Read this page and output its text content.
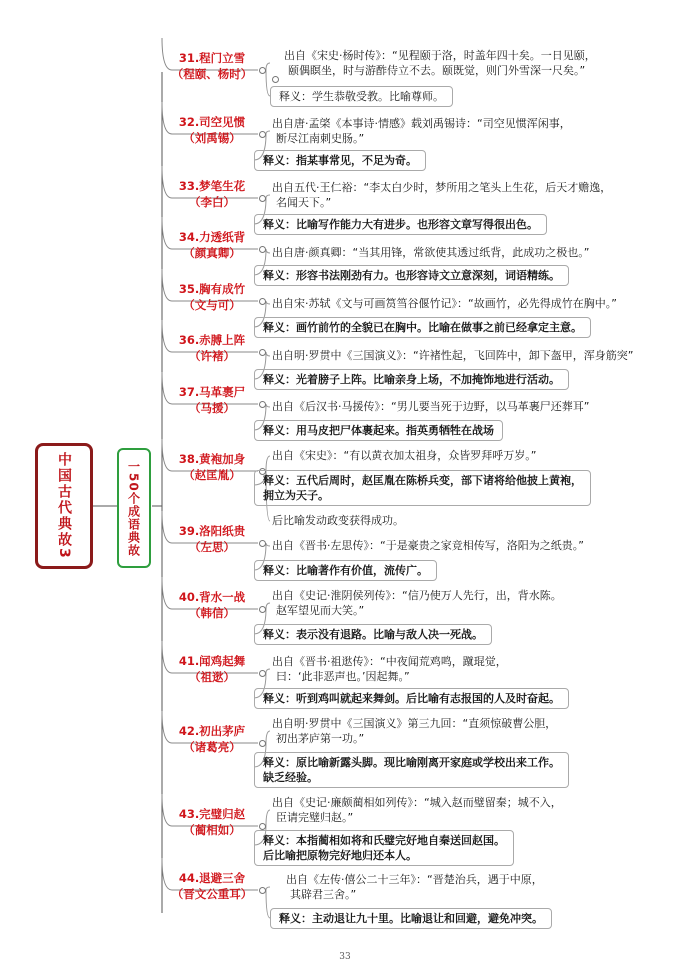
中国古代典故3	一50个成语典故
31.程门立雪
（程颐、杨时）
出自《宋史·杨时传》：“见程颐于洛，时盖年四十矣。一日见颐，
颐偶瞑坐，时与游酢侍立不去。颐既觉，则门外雪深一尺矣。”
释义：学生恭敬受教。比喻尊师。
32.司空见惯
（刘禹锡）
出自唐·孟棨《本事诗·情感》载刘禹锡诗：“司空见惯浑闲事，
断尽江南刺史肠。”
释义：指某事常见，不足为奇。
33.梦笔生花
（李白）
出自五代·王仁裕：“李太白少时，梦所用之笔头上生花，后天才赡逸，
名闻天下。”
释义：比喻写作能力大有进步。也形容文章写得很出色。
34.力透纸背
（颜真卿）	出自唐·颜真卿：“当其用锋，常欲使其透过纸背，此成功之极也。”
释义：形容书法刚劲有力。也形容诗文立意深刻，词语精练。
35.胸有成竹
（文与可）	出自宋·苏轼《文与可画筼筜谷偃竹记》：“故画竹，必先得成竹在胸中。”
释义：画竹前竹的全貌已在胸中。比喻在做事之前已经拿定主意。
36.赤膊上阵
（许褚）	出自明·罗贯中《三国演义》：“许褚性起，飞回阵中，卸下盔甲，浑身筋突”
释义：光着膀子上阵。比喻亲身上场，不加掩饰地进行活动。
37.马革裹尸
（马援）	出自《后汉书·马援传》：“男儿要当死于边野，以马革裹尸还葬耳”
释义：用马皮把尸体裹起来。指英勇牺牲在战场
38.黄袍加身
（赵匡胤）
出自《宋史》：“有以黄衣加太祖身，众皆罗拜呼万岁。”
释义：五代后周时，赵匡胤在陈桥兵变，部下诸将给他披上黄袍，
拥立为天子。
后比喻发动政变获得成功。
39.洛阳纸贵
（左思）	出自《晋书·左思传》：“于是豪贵之家竞相传写，洛阳为之纸贵。”
释义：比喻著作有价值，流传广。
40.背水一战
（韩信）
出自《史记·淮阴侯列传》：“信乃使万人先行，出，背水陈。
赵军望见而大笑。”
释义：表示没有退路。比喻与敌人决一死战。
41.闻鸡起舞
（祖逖）
出自《晋书·祖逖传》：“中夜闻荒鸡鸣，蹴琨觉，
曰：‘此非恶声也。’因起舞。”
释义：听到鸡叫就起来舞剑。后比喻有志报国的人及时奋起。
42.初出茅庐
（诸葛亮）
出自明·罗贯中《三国演义》第三九回：“直须惊破曹公胆，
初出茅庐第一功。”
释义：原比喻新露头脚。现比喻刚离开家庭或学校出来工作。
缺乏经验。
43.完璧归赵
（蔺相如）
出自《史记·廉颇蔺相如列传》：“城入赵而璧留秦；城不入，
臣请完璧归赵。”
释义：本指蔺相如将和氏璧完好地自秦送回赵国。
后比喻把原物完好地归还本人。
44.退避三舍
（晋文公重耳）
出自《左传·僖公二十三年》：“晋楚治兵，遇于中原，
其辟君三舍。”
释义：主动退让九十里。比喻退让和回避，避免冲突。
33
